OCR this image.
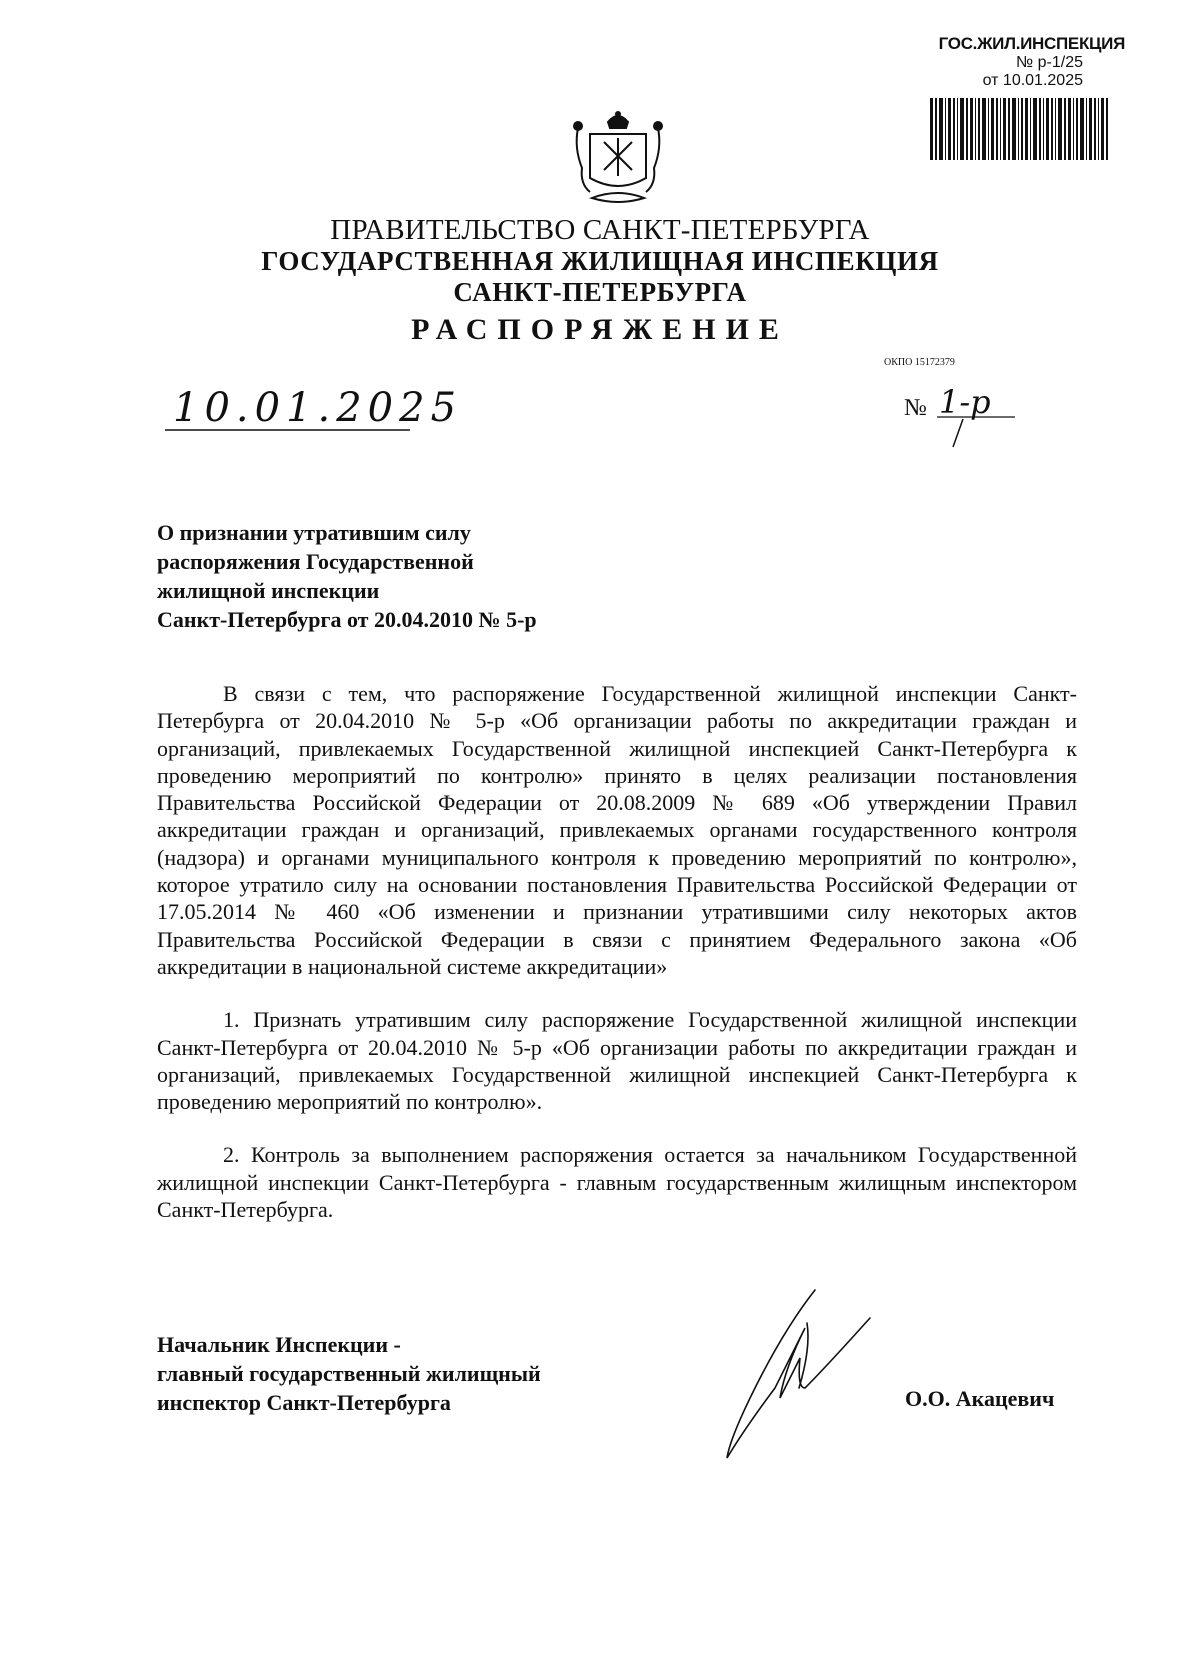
ГОС.ЖИЛ.ИНСПЕКЦИЯ
№ р-1/25
от 10.01.2025
ПРАВИТЕЛЬСТВО САНКТ-ПЕТЕРБУРГА
ГОСУДАРСТВЕННАЯ ЖИЛИЩНАЯ ИНСПЕКЦИЯ
САНКТ-ПЕТЕРБУРГА
РАСПОРЯЖЕНИЕ
ОКПО 15172379
10.01.2025	№ 1-р
О признании утратившим силу
распоряжения Государственной
жилищной инспекции
Санкт-Петербурга от 20.04.2010 № 5-р

В связи с тем, что распоряжение Государственной жилищной инспекции Санкт-Петербурга от 20.04.2010 № 5-р «Об организации работы по аккредитации граждан и организаций, привлекаемых Государственной жилищной инспекцией Санкт-Петербурга к проведению мероприятий по контролю» принято в целях реализации постановления Правительства Российской Федерации от 20.08.2009 № 689 «Об утверждении Правил аккредитации граждан и организаций, привлекаемых органами государственного контроля (надзора) и органами муниципального контроля к проведению мероприятий по контролю», которое утратило силу на основании постановления Правительства Российской Федерации от 17.05.2014 № 460 «Об изменении и признании утратившими силу некоторых актов Правительства Российской Федерации в связи с принятием Федерального закона «Об аккредитации в национальной системе аккредитации»

1. Признать утратившим силу распоряжение Государственной жилищной инспекции Санкт-Петербурга от 20.04.2010 № 5-р «Об организации работы по аккредитации граждан и организаций, привлекаемых Государственной жилищной инспекцией Санкт-Петербурга к проведению мероприятий по контролю».

2. Контроль за выполнением распоряжения остается за начальником Государственной жилищной инспекции Санкт-Петербурга - главным государственным жилищным инспектором Санкт-Петербурга.

Начальник Инспекции -
главный государственный жилищный
инспектор Санкт-Петербурга	О.О. Акацевич
